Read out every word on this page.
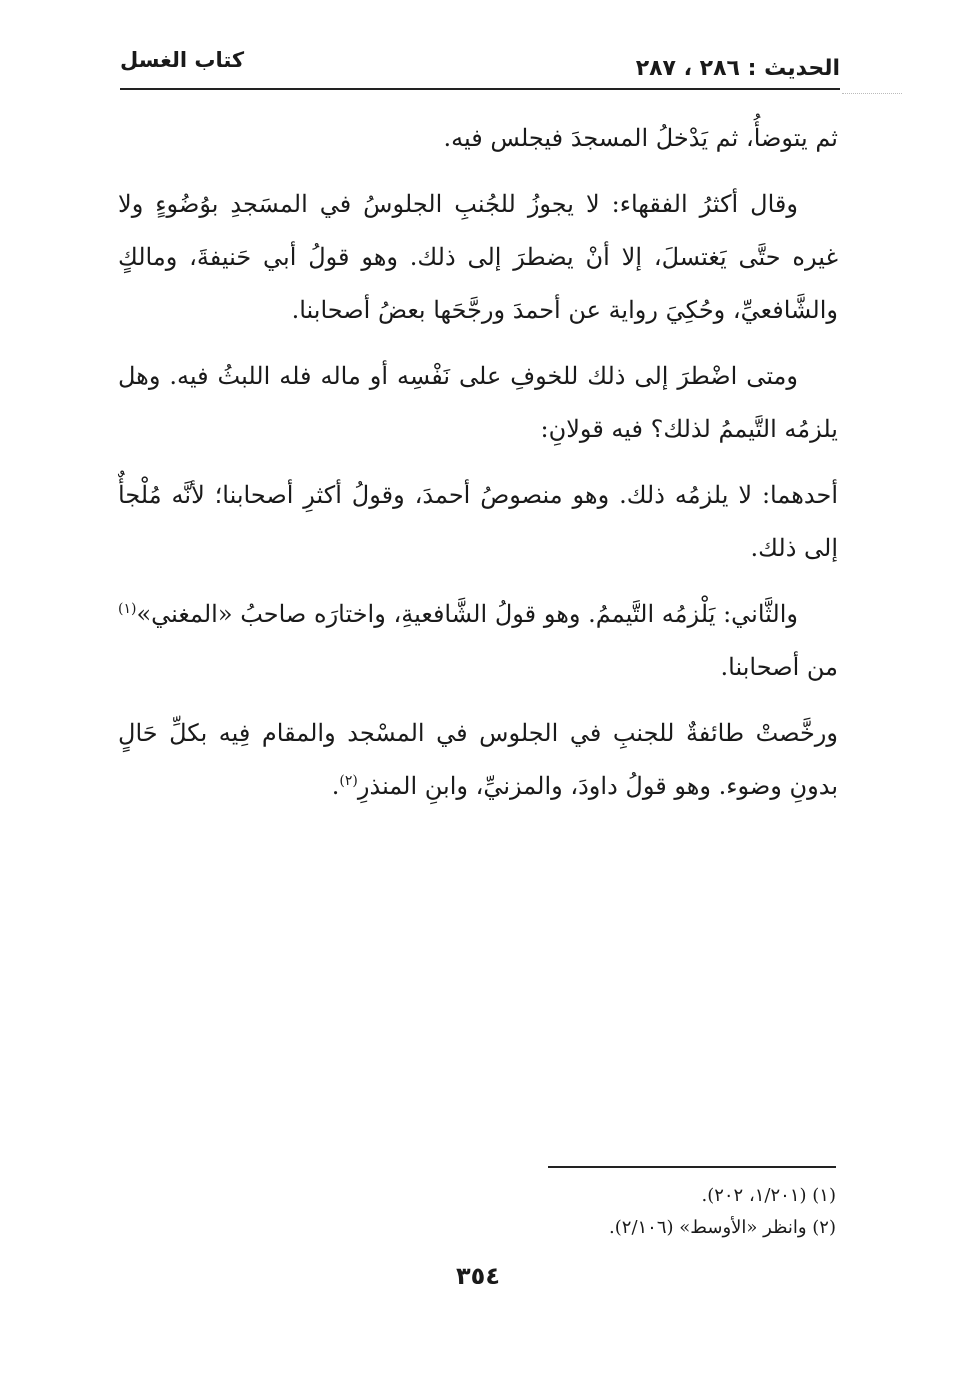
الحديث : ٢٨٦ ، ٢٨٧
كتاب الغسل

ثم يتوضأُ، ثم يَدْخلُ المسجدَ فيجلس فيه.

وقال أكثرُ الفقهاء: لا يجوزُ للجُنبِ الجلوسُ في المسَجدِ بوُضُوءٍ ولا غيره حتَّى يَغتسلَ، إلا أنْ يضطرَ إلى ذلك. وهو قولُ أبي حَنيفةَ، ومالكٍ والشَّافعيِّ، وحُكِيَ رواية عن أحمدَ ورجَّحَها بعضُ أصحابنا.

ومتى اضْطرَ إلى ذلك للخوفِ على نَفْسِه أو ماله فله اللبثُ فيه. وهل يلزمُه التَّيممُ لذلك؟ فيه قولانِ:

أحدهما: لا يلزمُه ذلك. وهو منصوصُ أحمدَ، وقولُ أكثرِ أصحابنا؛ لأنَّه مُلْجأٌ إلى ذلك.

والثَّاني: يَلْزمُه التَّيممُ. وهو قولُ الشَّافعيةِ، واختارَه صاحبُ «المغني»$^{(١)}$ من أصحابنا.

ورخَّصتْ طائفةٌ للجنبِ في الجلوس في المسْجد والمقام فِيه بكلِّ حَالٍ بدونِ وضوء. وهو قولُ داودَ، والمزنيِّ، وابنِ المنذرِ$^{(٢)}$.

(١) (١/٢٠١، ٢٠٢).

(٢) وانظر «الأوسط» (٢/١٠٦).

٣٥٤
